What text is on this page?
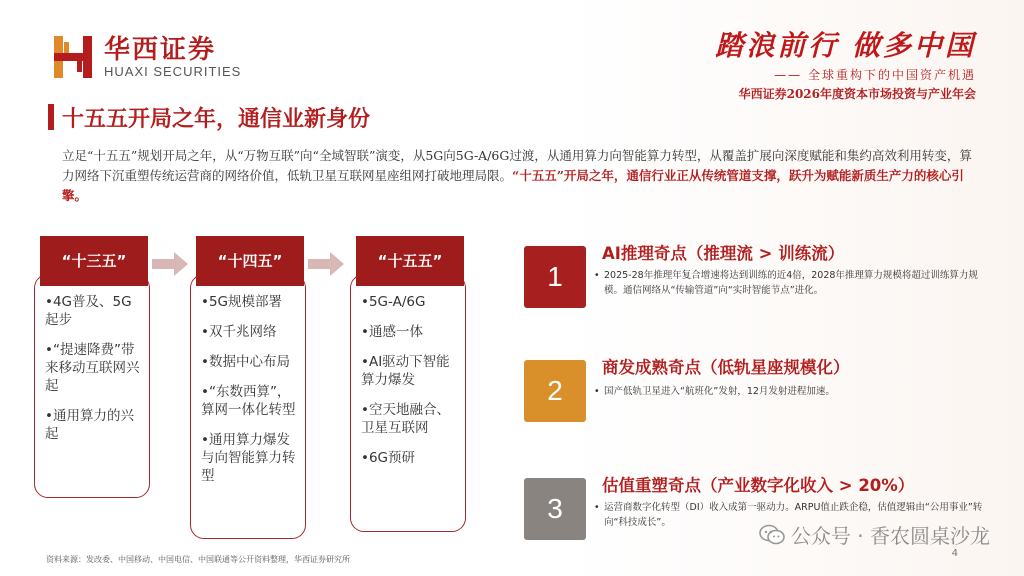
华西证券
HUAXI SECURITIES
踏浪前行 做多中国
—— 全球重构下的中国资产机遇
华西证券2026年度资本市场投资与产业年会
十五五开局之年，通信业新身份
立足“十五五”规划开局之年，从“万物互联”向“全域智联”演变，从5G向5G-A/6G过渡，从通用算力向智能算力转型，从覆盖扩展向深度赋能和集约高效利用转变，算力网络下沉重塑传统运营商的网络价值，低轨卫星互联网星座组网打破地理局限。“十五五”开局之年，通信行业正从传统管道支撑，跃升为赋能新质生产力的核心引擎。
•4G普及、5G起步
•“提速降费”带来移动互联网兴起
•通用算力的兴起
“十三五”
•5G规模部署
•双千兆网络
•数据中心布局
•“东数西算”，算网一体化转型
•通用算力爆发与向智能算力转型
“十四五”
•5G-A/6G
•通感一体
•AI驱动下智能算力爆发
•空天地融合、卫星互联网
•6G预研
“十五五”	1
AI推理奇点（推理流 > 训练流）
• 2025-28年推理年复合增速将达到训练的近4倍，2028年推理算力规模将超过训练算力规模。通信网络从“传输管道”向“实时智能节点”进化。
2
商发成熟奇点（低轨星座规模化）
• 国产低轨卫星进入“航班化”发射，12月发射进程加速。
3
估值重塑奇点（产业数字化收入 > 20%）
• 运营商数字化转型（DI）收入成第一驱动力。ARPU值止跌企稳，估值逻辑由“公用事业”转向“科技成长”。
公众号 · 香农圆桌沙龙
资料来源：发改委、中国移动、中国电信、中国联通等公开资料整理，华西证券研究所
4
